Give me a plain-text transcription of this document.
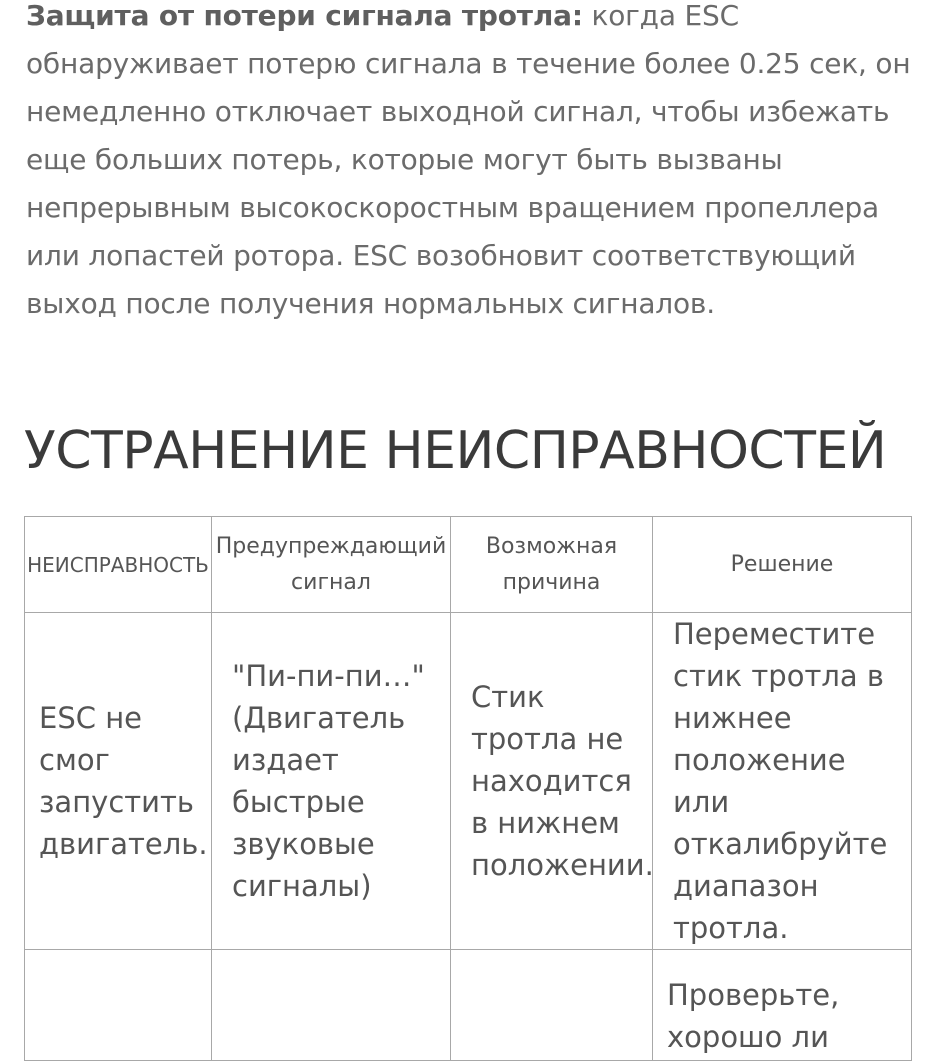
Защита от потери сигнала тротла: когда ESC обнаруживает потерю сигнала в течение более 0.25 сек, он немедленно отключает выходной сигнал, чтобы избежать еще больших потерь, которые могут быть вызваны непрерывным высокоскоростным вращением пропеллера или лопастей ротора. ESC возобновит соответствующий выход после получения нормальных сигналов.

УСТРАНЕНИЕ НЕИСПРАВНОСТЕЙ
НЕИСПРАВНОСТЬ	Предупреждающий сигнал	Возможная причина	Решение

ESC не смог запустить двигатель.	"Пи-пи-пи…" (Двигатель издает быстрые звуковые сигналы)	Стик тротла не находится в нижнем положении.	Переместите стик тротла в нижнее положение или откалибруйте диапазон тротла.

			Проверьте, хорошо ли
